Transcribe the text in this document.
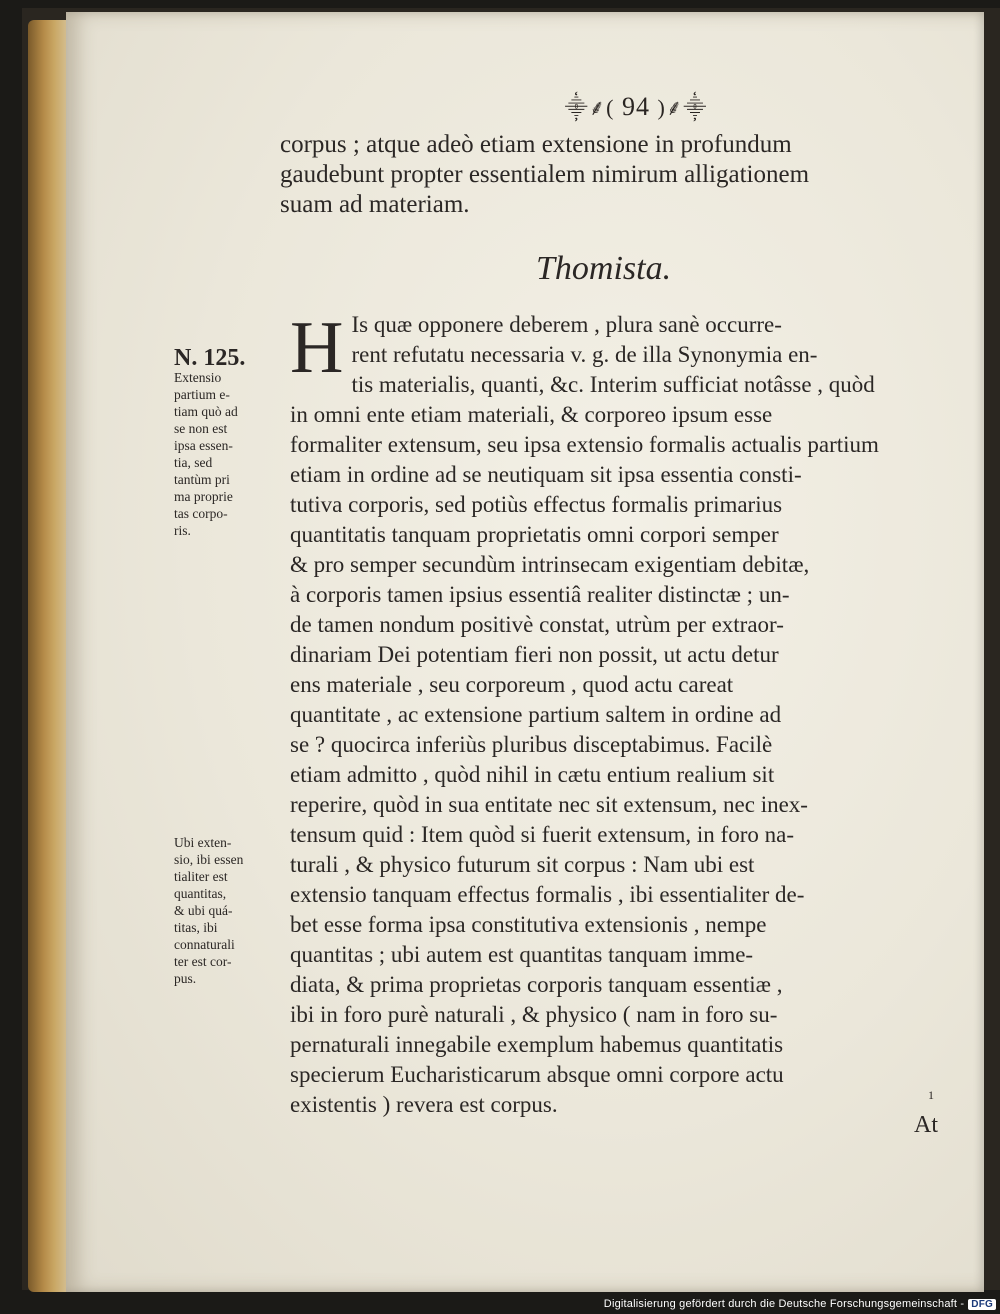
⸎⸙( 94 )⸙⸎
corpus ; atque adeò etiam extensione in profundum
gaudebunt propter essentialem nimirum alligationem
suam ad materiam.
Thomista.
N. 125.
Extensio
partium e-
tiam quò ad
se non est
ipsa essen-
tia, sed
tantùm pri
ma proprie
tas corpo-
ris.
Ubi exten-
sio, ibi essen
tialiter est
quantitas,
& ubi quá-
titas, ibi
connaturali
ter est cor-
pus.
H Is quæ opponere deberem , plura sanè occurre-
rent refutatu necessaria v. g. de illa Synonymia en-
tis materialis, quanti, &c. Interim sufficiat notâsse , quòd
in omni ente etiam materiali, & corporeo ipsum esse
formaliter extensum, seu ipsa extensio formalis actualis partium
etiam in ordine ad se neutiquam sit ipsa essentia consti-
tutiva corporis, sed potiùs effectus formalis primarius
quantitatis tanquam proprietatis omni corpori semper
& pro semper secundùm intrinsecam exigentiam debitæ,
à corporis tamen ipsius essentiâ realiter distinctæ ; un-
de tamen nondum positivè constat, utrùm per extraor-
dinariam Dei potentiam fieri non possit, ut actu detur
ens materiale , seu corporeum , quod actu careat
quantitate , ac extensione partium saltem in ordine ad
se ? quocirca inferiùs pluribus disceptabimus. Facilè
etiam admitto , quòd nihil in cætu entium realium sit
reperire, quòd in sua entitate nec sit extensum, nec inex-
tensum quid : Item quòd si fuerit extensum, in foro na-
turali , & physico futurum sit corpus : Nam ubi est
extensio tanquam effectus formalis , ibi essentialiter de-
bet esse forma ipsa constitutiva extensionis , nempe
quantitas ; ubi autem est quantitas tanquam imme-
diata, & prima proprietas corporis tanquam essentiæ ,
ibi in foro purè naturali , & physico ( nam in foro su-
pernaturali innegabile exemplum habemus quantitatis
specierum Eucharisticarum absque omni corpore actu
existentis ) revera est corpus.
At
1
Digitalisierung gefördert durch die Deutsche Forschungsgemeinschaft - DFG
